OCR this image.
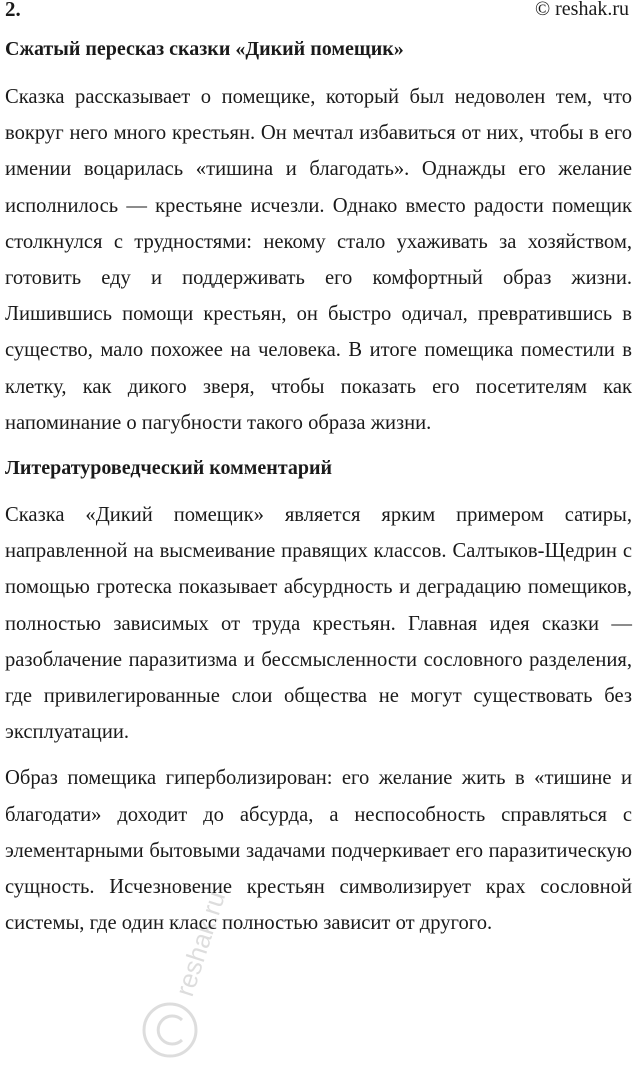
2.	© reshak.ru
Сжатый пересказ сказки «Дикий помещик»

Сказка рассказывает о помещике, который был недоволен тем, что вокруг него много крестьян. Он мечтал избавиться от них, чтобы в его имении воцарилась «тишина и благодать». Однажды его желание исполнилось — крестьяне исчезли. Однако вместо радости помещик столкнулся с трудностями: некому стало ухаживать за хозяйством, готовить еду и поддерживать его комфортный образ жизни. Лишившись помощи крестьян, он быстро одичал, превратившись в существо, мало похожее на человека. В итоге помещика поместили в клетку, как дикого зверя, чтобы показать его посетителям как напоминание о пагубности такого образа жизни.

Литературоведческий комментарий

Сказка «Дикий помещик» является ярким примером сатиры, направленной на высмеивание правящих классов. Салтыков-Щедрин с помощью гротеска показывает абсурдность и деградацию помещиков, полностью зависимых от труда крестьян. Главная идея сказки — разоблачение паразитизма и бессмысленности сословного разделения, где привилегированные слои общества не могут существовать без эксплуатации.

Образ помещика гиперболизирован: его желание жить в «тишине и благодати» доходит до абсурда, а неспособность справляться с элементарными бытовыми задачами подчеркивает его паразитическую сущность. Исчезновение крестьян символизирует крах сословной системы, где один класс полностью зависит от другого.

reshak.ru
